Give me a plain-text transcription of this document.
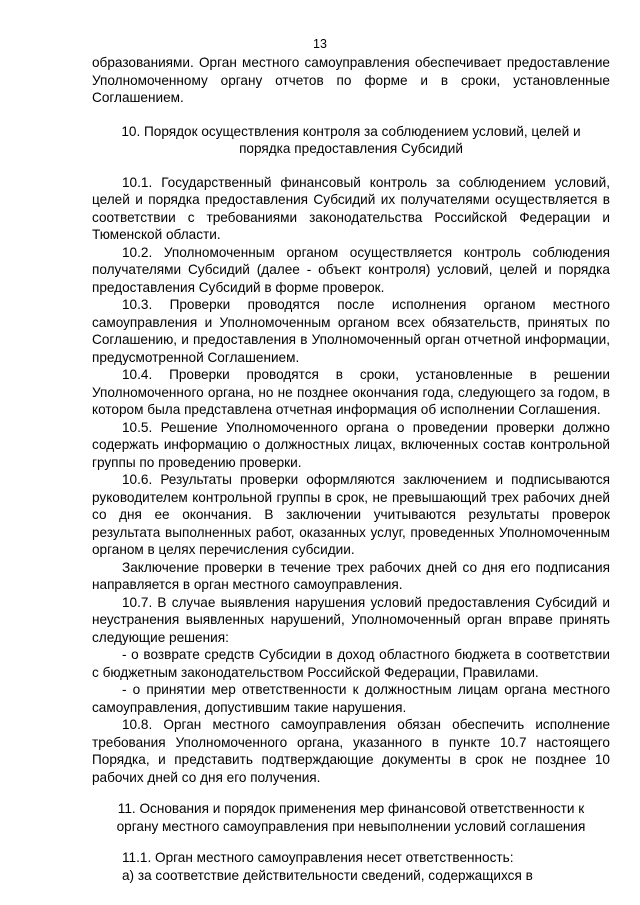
13

образованиями. Орган местного самоуправления обеспечивает предоставление Уполномоченному органу отчетов по форме и в сроки, установленные Соглашением.

10. Порядок осуществления контроля за соблюдением условий, целей и порядка предоставления Субсидий

10.1. Государственный финансовый контроль за соблюдением условий, целей и порядка предоставления Субсидий их получателями осуществляется в соответствии с требованиями законодательства Российской Федерации и Тюменской области.

10.2. Уполномоченным органом осуществляется контроль соблюдения получателями Субсидий (далее - объект контроля) условий, целей и порядка предоставления Субсидий в форме проверок.

10.3. Проверки проводятся после исполнения органом местного самоуправления и Уполномоченным органом всех обязательств, принятых по Соглашению, и предоставления в Уполномоченный орган отчетной информации, предусмотренной Соглашением.

10.4. Проверки проводятся в сроки, установленные в решении Уполномоченного органа, но не позднее окончания года, следующего за годом, в котором была представлена отчетная информация об исполнении Соглашения.

10.5. Решение Уполномоченного органа о проведении проверки должно содержать информацию о должностных лицах, включенных состав контрольной группы по проведению проверки.

10.6. Результаты проверки оформляются заключением и подписываются руководителем контрольной группы в срок, не превышающий трех рабочих дней со дня ее окончания. В заключении учитываются результаты проверок результата выполненных работ, оказанных услуг, проведенных Уполномоченным органом в целях перечисления субсидии.

Заключение проверки в течение трех рабочих дней со дня его подписания направляется в орган местного самоуправления.

10.7. В случае выявления нарушения условий предоставления Субсидий и неустранения выявленных нарушений, Уполномоченный орган вправе принять следующие решения:

- о возврате средств Субсидии в доход областного бюджета в соответствии с бюджетным законодательством Российской Федерации, Правилами.

- о принятии мер ответственности к должностным лицам органа местного самоуправления, допустившим такие нарушения.

10.8. Орган местного самоуправления обязан обеспечить исполнение требования Уполномоченного органа, указанного в пункте 10.7 настоящего Порядка, и представить подтверждающие документы в срок не позднее 10 рабочих дней со дня его получения.

11. Основания и порядок применения мер финансовой ответственности к органу местного самоуправления при невыполнении условий соглашения

11.1. Орган местного самоуправления несет ответственность:

а) за соответствие действительности сведений, содержащихся в
